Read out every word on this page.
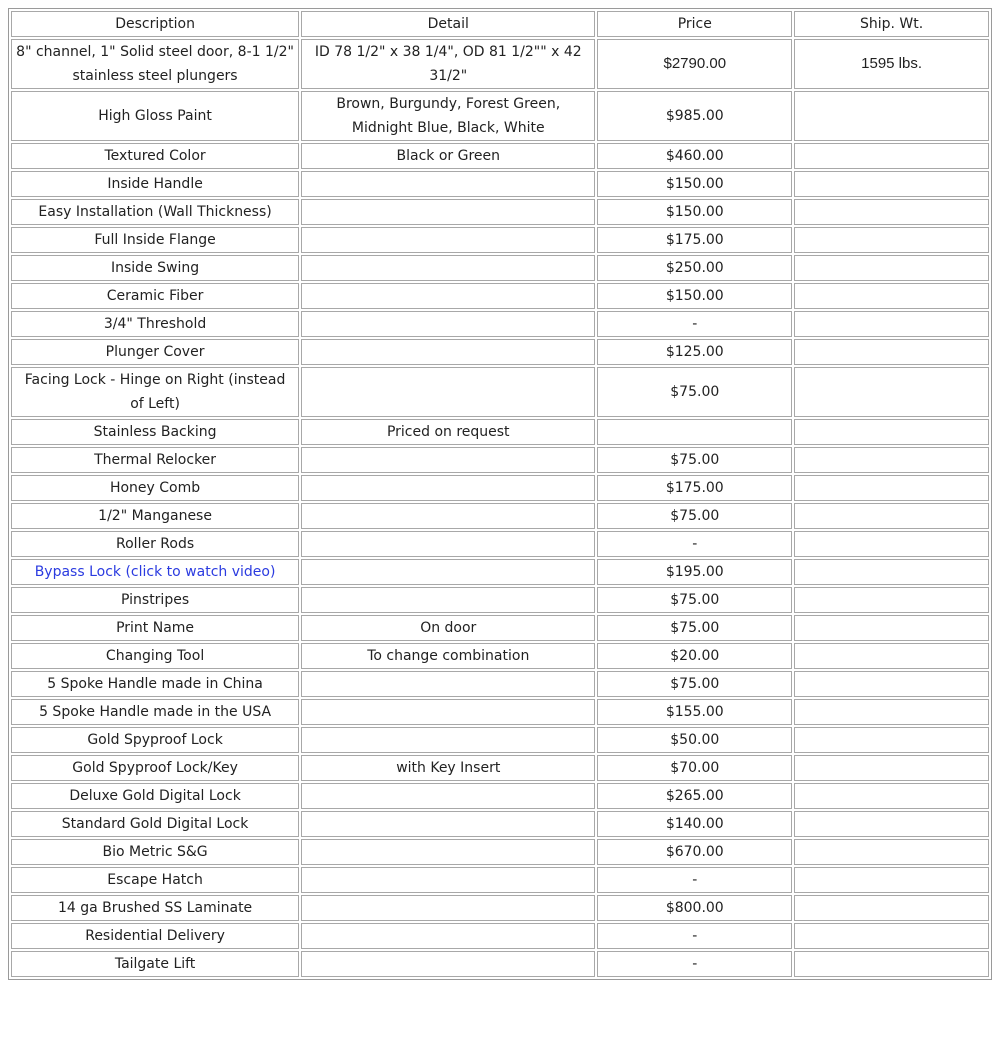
Description	Detail	Price	Ship. Wt.
8" channel, 1" Solid steel door, 8-1 1/2" stainless steel plungers	ID 78 1/2" x 38 1/4", OD 81 1/2"" x 42 31/2"	$2790.00	1595 lbs.
High Gloss Paint	Brown, Burgundy, Forest Green, Midnight Blue, Black, White	$985.00	
Textured Color	Black or Green	$460.00	
Inside Handle		$150.00	
Easy Installation (Wall Thickness)		$150.00	
Full Inside Flange		$175.00	
Inside Swing		$250.00	
Ceramic Fiber		$150.00	
3/4" Threshold		-	
Plunger Cover		$125.00	
Facing Lock - Hinge on Right (instead of Left)		$75.00	
Stainless Backing	Priced on request		
Thermal Relocker		$75.00	
Honey Comb		$175.00	
1/2" Manganese		$75.00	
Roller Rods		-	
Bypass Lock (click to watch video)		$195.00	
Pinstripes		$75.00	
Print Name	On door	$75.00	
Changing Tool	To change combination	$20.00	
5 Spoke Handle made in China		$75.00	
5 Spoke Handle made in the USA		$155.00	
Gold Spyproof Lock		$50.00	
Gold Spyproof Lock/Key	with Key Insert	$70.00	
Deluxe Gold Digital Lock		$265.00	
Standard Gold Digital Lock		$140.00	
Bio Metric S&G		$670.00	
Escape Hatch		-	
14 ga Brushed SS Laminate		$800.00	
Residential Delivery		-	
Tailgate Lift		-	
